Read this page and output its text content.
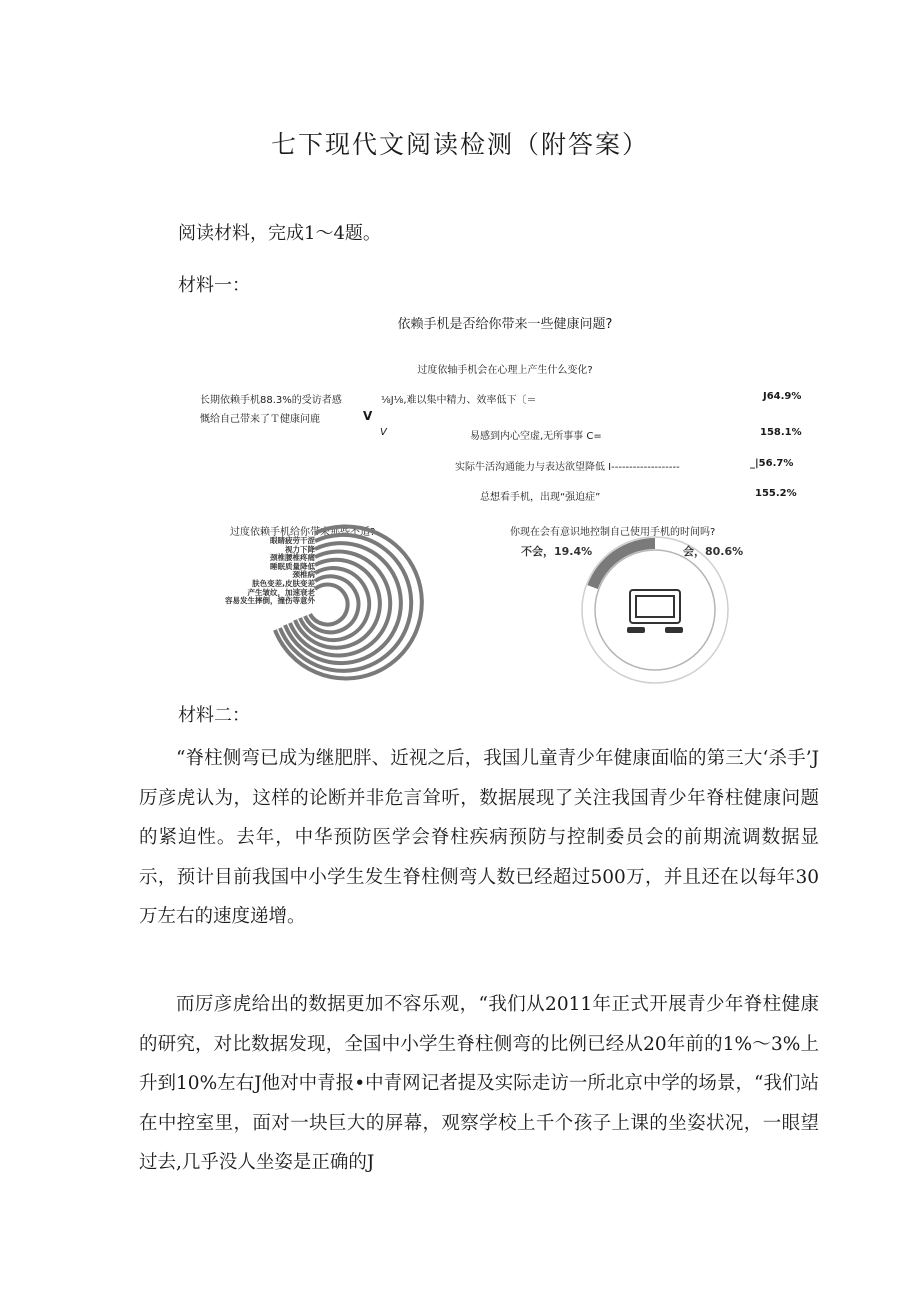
七下现代文阅读检测（附答案）
阅读材料，完成1～4题。
材料一：
依赖手机是否给你带来一些健康问题?
过度依轴手机会在心理上产生什么变化?
长期依赖手机88.3%的受访者感
慨给自己带来了Ｔ健康问鹿	V
V
⅛J⅛,难以集中精力、效率低下〔＝	J64.9%
易感到内心空虚,无所事事 C=	158.1%
实际牛活沟通能力与表达欲望降低 I-------------------	_|56.7%
总想看手机，出现“强迫症”	155.2%
过度依赖手机给你带来那些不适?	你现在会有意识地控制自己使用手机的时间吗?
眼睛疲劳干涩
视力下降
颈椎腰椎疼痛
睡眠质量降低
颈椎病
肤色变差,皮肤变差
产生皱纹，加速衰老
容易发生摔倒，撞伤等意外
不会，19.4%	会，80.6%
材料二：

“脊柱侧弯已成为继肥胖、近视之后，我国儿童青少年健康面临的第三大‘杀手’J厉彦虎认为，这样的论断并非危言耸听，数据展现了关注我国青少年脊柱健康问题的紧迫性。去年，中华预防医学会脊柱疾病预防与控制委员会的前期流调数据显示，预计目前我国中小学生发生脊柱侧弯人数已经超过500万，并且还在以每年30万左右的速度递增。

而厉彦虎给出的数据更加不容乐观，“我们从2011年正式开展青少年脊柱健康的研究，对比数据发现，全国中小学生脊柱侧弯的比例已经从20年前的1%～3%上升到10%左右J他对中青报•中青网记者提及实际走访一所北京中学的场景，“我们站在中控室里，面对一块巨大的屏幕，观察学校上千个孩子上课的坐姿状况，一眼望过去,几乎没人坐姿是正确的J
